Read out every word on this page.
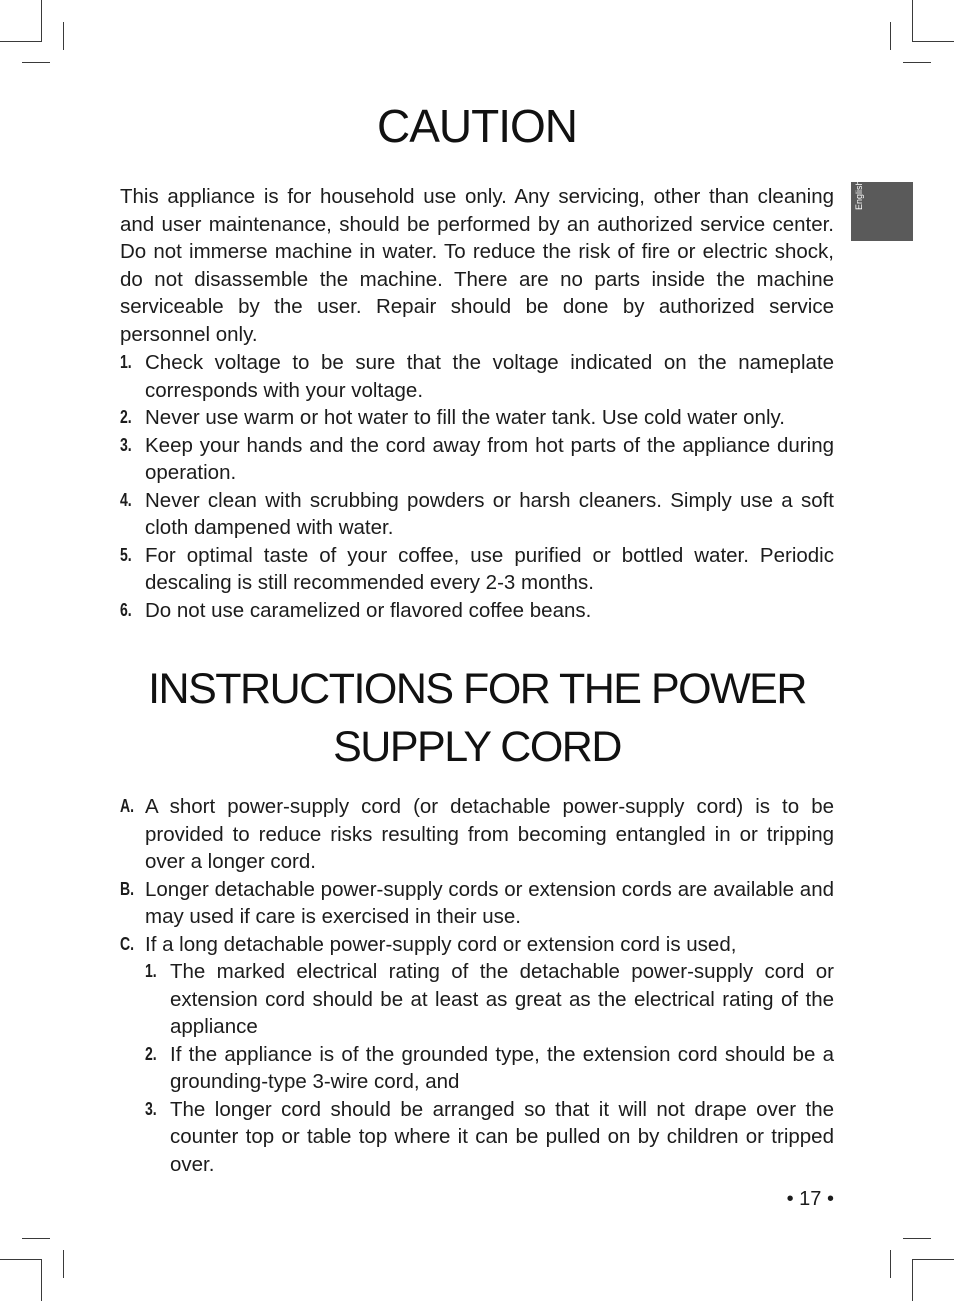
English
CAUTION

This appliance is for household use only. Any servicing, other than cleaning and user maintenance, should be performed by an authorized service center. Do not immerse machine in water. To reduce the risk of fire or electric shock, do not disassemble the machine. There are no parts inside the machine serviceable by the user. Repair should be done by authorized service personnel only.

1. Check voltage to be sure that the voltage indicated on the nameplate corresponds with your voltage.
2. Never use warm or hot water to fill the water tank. Use cold water only.
3. Keep your hands and the cord away from hot parts of the appliance during operation.
4. Never clean with scrubbing powders or harsh cleaners. Simply use a soft cloth dampened with water.
5. For optimal taste of your coffee, use purified or bottled water. Periodic descaling is still recommended every 2-3 months.
6. Do not use caramelized or flavored coffee beans.
INSTRUCTIONS FOR THE POWER
SUPPLY CORD
A. A short power-supply cord (or detachable power-supply cord) is to be provided to reduce risks resulting from becoming entangled in or tripping over a longer cord.
B. Longer detachable power-supply cords or extension cords are available and may used if care is exercised in their use.
C. If a long detachable power-supply cord or extension cord is used,
1. The marked electrical rating of the detachable power-supply cord or extension cord should be at least as great as the electrical rating of the appliance
2. If the appliance is of the grounded type, the extension cord should be a grounding-type 3-wire cord, and
3. The longer cord should be arranged so that it will not drape over the counter top or table top where it can be pulled on by children or tripped over.
• 17 •
